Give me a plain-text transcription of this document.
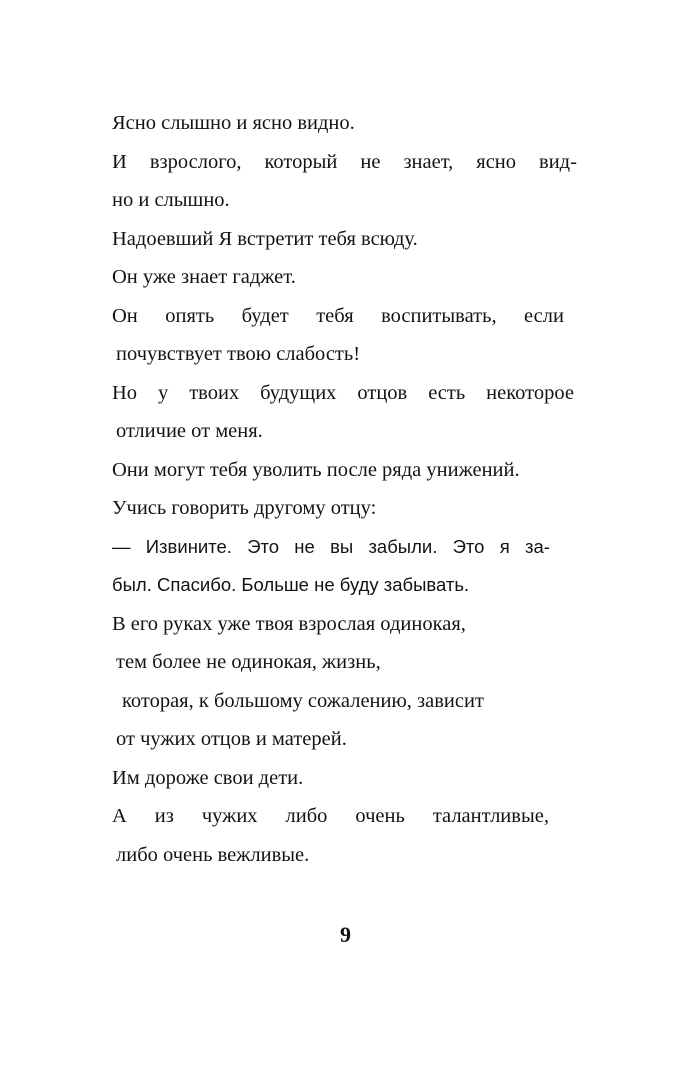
Ясно слышно и ясно видно.

И взрослого, который не знает, ясно вид-

но и слышно.

Надоевший Я встретит тебя всюду.

Он уже знает гаджет.

Он опять будет тебя воспитывать, если

почувствует твою слабость!

Но у твоих будущих отцов есть некоторое

отличие от меня.

Они могут тебя уволить после ряда унижений.

Учись говорить другому отцу:

— Извините. Это не вы забыли. Это я за-

был. Спасибо. Больше не буду забывать.

В его руках уже твоя взрослая одинокая,

тем более не одинокая, жизнь,

которая, к большому сожалению, зависит

от чужих отцов и матерей.

Им дороже свои дети.

А из чужих либо очень талантливые,

либо очень вежливые.

9
